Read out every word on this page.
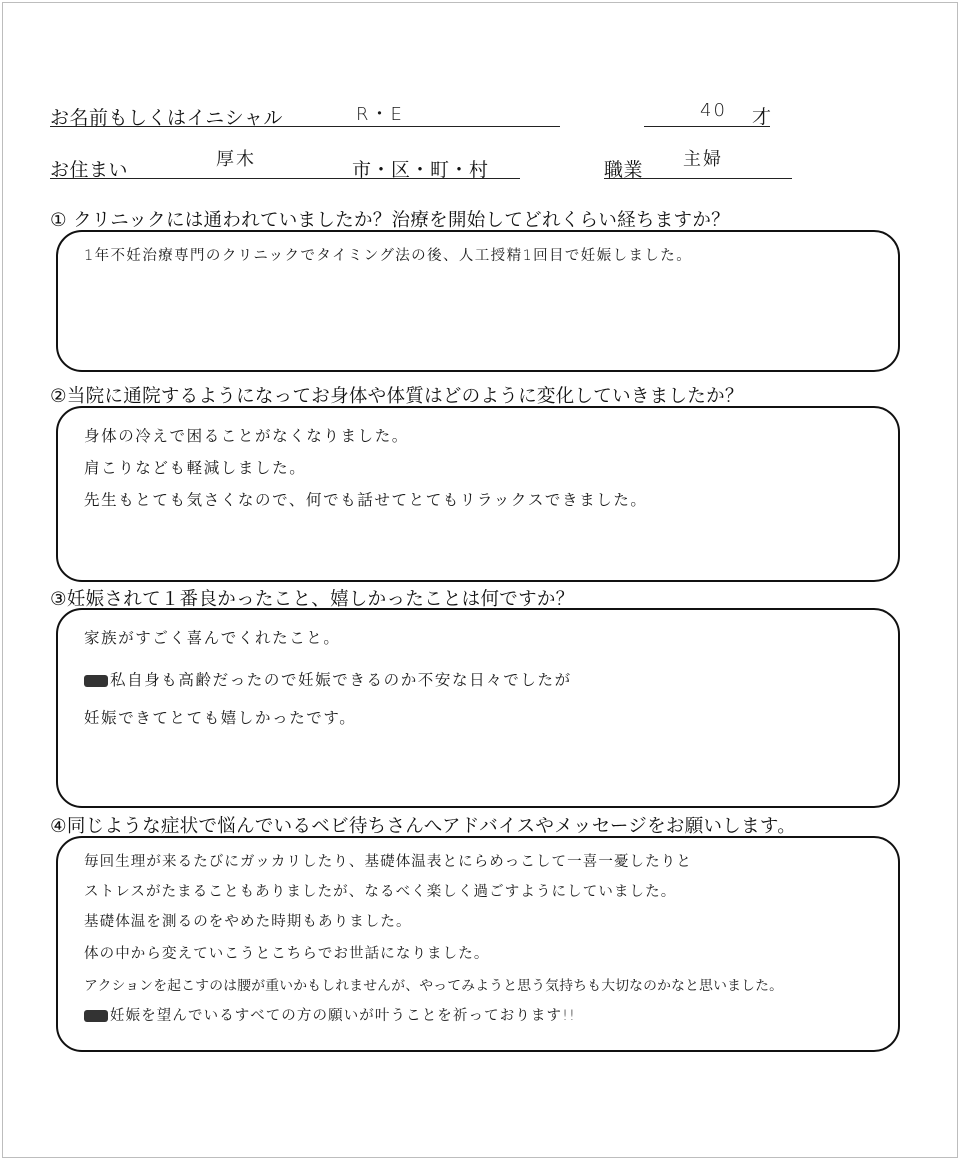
お名前もしくはイニシャル	R・E	40 才
お住まい	厚木	市・区・町・村	職業 主婦
① クリニックには通われていましたか？治療を開始してどれくらい経ちますか？
1年不妊治療専門のクリニックでタイミング法の後、人工授精1回目で妊娠しました。
②当院に通院するようになってお身体や体質はどのように変化していきましたか？
身体の冷えで困ることがなくなりました。
肩こりなども軽減しました。
先生もとても気さくなので、何でも話せてとてもリラックスできました。
③妊娠されて１番良かったこと、嬉しかったことは何ですか？
家族がすごく喜んでくれたこと。
私自身も高齢だったので妊娠できるのか不安な日々でしたが
妊娠できてとても嬉しかったです。
④同じような症状で悩んでいるベビ待ちさんへアドバイスやメッセージをお願いします。
毎回生理が来るたびにガッカリしたり、基礎体温表とにらめっこして一喜一憂したりと
ストレスがたまることもありましたが、なるべく楽しく過ごすようにしていました。
基礎体温を測るのをやめた時期もありました。
体の中から変えていこうとこちらでお世話になりました。
アクションを起こすのは腰が重いかもしれませんが、やってみようと思う気持ちも大切なのかなと思いました。
妊娠を望んでいるすべての方の願いが叶うことを祈っております!!
